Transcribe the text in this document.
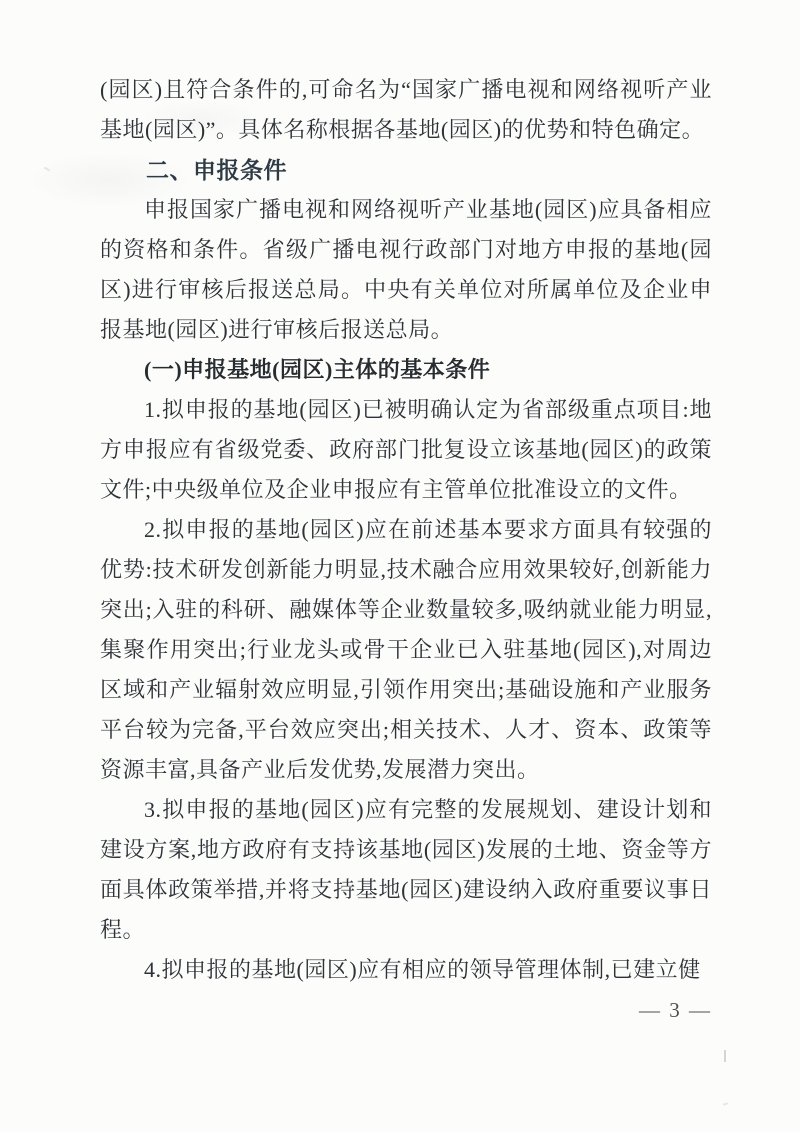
(园区)且符合条件的,可命名为“国家广播电视和网络视听产业基地(园区)”。具体名称根据各基地(园区)的优势和特色确定。

二、申报条件

申报国家广播电视和网络视听产业基地(园区)应具备相应的资格和条件。省级广播电视行政部门对地方申报的基地(园区)进行审核后报送总局。中央有关单位对所属单位及企业申报基地(园区)进行审核后报送总局。

(一)申报基地(园区)主体的基本条件

1.拟申报的基地(园区)已被明确认定为省部级重点项目:地方申报应有省级党委、政府部门批复设立该基地(园区)的政策文件;中央级单位及企业申报应有主管单位批准设立的文件。

2.拟申报的基地(园区)应在前述基本要求方面具有较强的优势:技术研发创新能力明显,技术融合应用效果较好,创新能力突出;入驻的科研、融媒体等企业数量较多,吸纳就业能力明显,集聚作用突出;行业龙头或骨干企业已入驻基地(园区),对周边区域和产业辐射效应明显,引领作用突出;基础设施和产业服务平台较为完备,平台效应突出;相关技术、人才、资本、政策等资源丰富,具备产业后发优势,发展潜力突出。

3.拟申报的基地(园区)应有完整的发展规划、建设计划和建设方案,地方政府有支持该基地(园区)发展的土地、资金等方面具体政策举措,并将支持基地(园区)建设纳入政府重要议事日程。

4.拟申报的基地(园区)应有相应的领导管理体制,已建立健

— 3 —
